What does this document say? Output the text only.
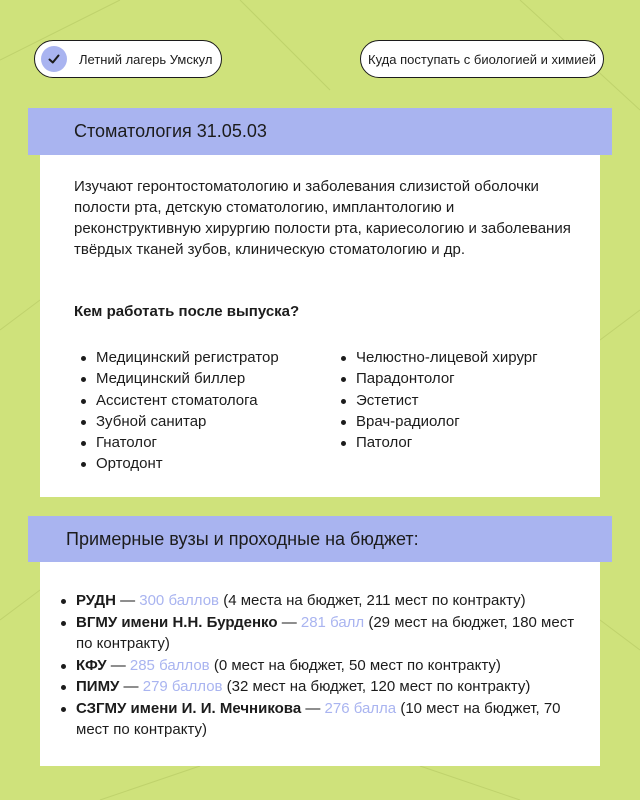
Летний лагерь Умскул	Куда поступать с биологией и химией
Стоматология 31.05.03

Изучают геронтостоматологию и заболевания слизистой оболочки полости рта, детскую стоматологию, имплантологию и реконструктивную хирургию полости рта, кариесологию и заболевания твёрдых тканей зубов, клиническую стоматологию и др.

Кем работать после выпуска?

Медицинский регистратор
Медицинский биллер
Ассистент стоматолога
Зубной санитар
Гнатолог
Ортодонт
Челюстно-лицевой хирург
Парадонтолог
Эстетист
Врач-радиолог
Патолог
Примерные вузы и проходные на бюджет:
РУДН — 300 баллов (4 места на бюджет, 211 мест по контракту)
ВГМУ имени Н.Н. Бурденко — 281 балл (29 мест на бюджет, 180 мест по контракту)
КФУ — 285 баллов (0 мест на бюджет, 50 мест по контракту)
ПИМУ — 279 баллов (32 мест на бюджет, 120 мест по контракту)
СЗГМУ имени И. И. Мечникова — 276 балла (10 мест на бюджет, 70 мест по контракту)
